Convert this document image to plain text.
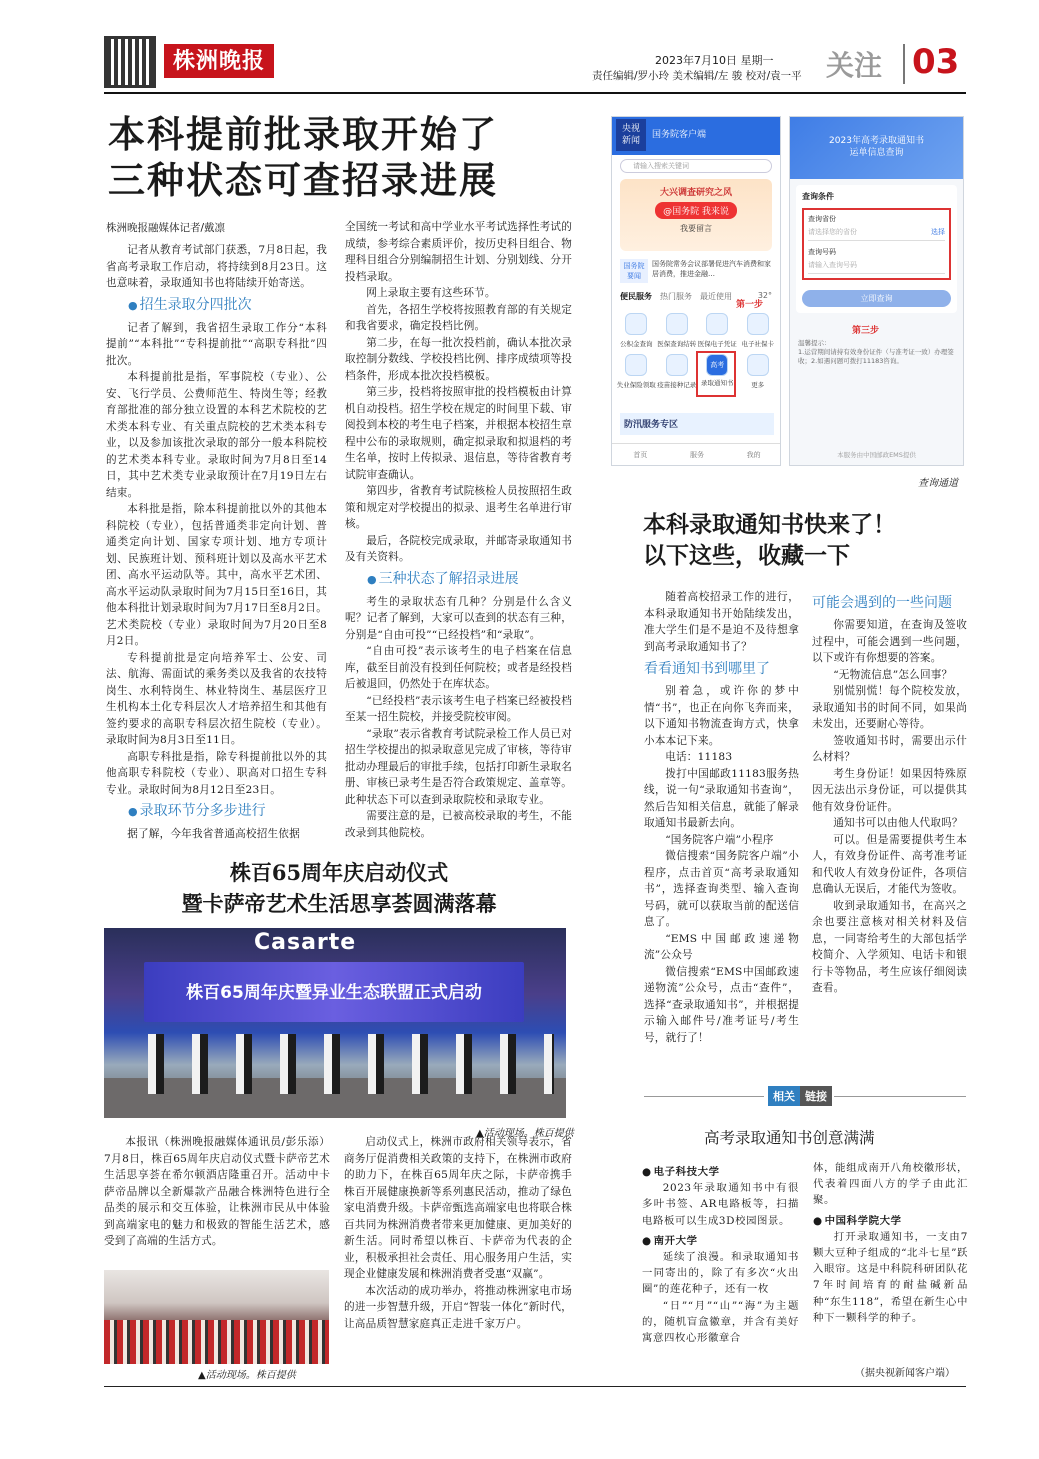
株洲晚报	2023年7月10日 星期一
责任编辑/罗小玲 美术编辑/左 骏 校对/袁一平 关注 03
本科提前批录取开始了
三种状态可查招录进展
株洲晚报融媒体记者/戴凛

记者从教育考试部门获悉，7月8日起，我省高考录取工作启动，将持续到8月23日。这也意味着，录取通知书也将陆续开始寄送。

● 招生录取分四批次

记者了解到，我省招生录取工作分“本科提前”“本科批”“专科提前批”“高职专科批”四批次。

本科提前批是指，军事院校（专业）、公安、飞行学员、公费师范生、特岗生等；经教育部批准的部分独立设置的本科艺术院校的艺术类本科专业、有关重点院校的艺术类本科专业，以及参加该批次录取的部分一般本科院校的艺术类本科专业。录取时间为7月8日至14日，其中艺术类专业录取预计在7月19日左右结束。

本科批是指，除本科提前批以外的其他本科院校（专业），包括普通类非定向计划、普通类定向计划、国家专项计划、地方专项计划、民族班计划、预科班计划以及高水平艺术团、高水平运动队等。其中，高水平艺术团、高水平运动队录取时间为7月15日至16日，其他本科批计划录取时间为7月17日至8月2日。艺术类院校（专业）录取时间为7月20日至8月2日。

专科提前批是定向培养军士、公安、司法、航海、需面试的乘务类以及我省的农技特岗生、水利特岗生、林业特岗生、基层医疗卫生机构本土化专科层次人才培养招生和其他有签约要求的高职专科层次招生院校（专业）。录取时间为8月3日至11日。

高职专科批是指，除专科提前批以外的其他高职专科院校（专业）、职高对口招生专科专业。录取时间为8月12日至23日。

● 录取环节分多步进行

据了解，今年我省普通高校招生依据

全国统一考试和高中学业水平考试选择性考试的成绩，参考综合素质评价，按历史科目组合、物理科目组合分别编制招生计划、分别划线、分开投档录取。

网上录取主要有这些环节。

首先，各招生学校将按照教育部的有关规定和我省要求，确定投档比例。

第二步，在每一批次投档前，确认本批次录取控制分数线、学校投档比例、排序成绩项等投档条件，形成本批次投档模板。

第三步，投档将按照审批的投档模板由计算机自动投档。招生学校在规定的时间里下载、审阅投到本校的考生电子档案，并根据本校招生章程中公布的录取规则，确定拟录取和拟退档的考生名单，按时上传拟录、退信息，等待省教育考试院审查确认。

第四步，省教育考试院核检人员按照招生政策和规定对学校提出的拟录、退考生名单进行审核。

最后，各院校完成录取，并邮寄录取通知书及有关资料。

● 三种状态了解招录进展

考生的录取状态有几种？分别是什么含义呢？记者了解到，大家可以查到的状态有三种，分别是“自由可投”“已经投档”和“录取”。

“自由可投”表示该考生的电子档案在信息库，截至目前没有投到任何院校；或者是经投档后被退回，仍然处于在库状态。

“已经投档”表示该考生电子档案已经被投档至某一招生院校，并接受院校审阅。

“录取”表示省教育考试院录检工作人员已对招生学校提出的拟录取意见完成了审核，等待审批动办理最后的审批手续，包括打印新生录取名册、审核已录考生是否符合政策规定、盖章等。此种状态下可以查到录取院校和录取专业。

需要注意的是，已被高校录取的考生，不能改录到其他院校。

央视
新闻
国务院客户端
请输入搜索关键词
大兴调查研究之风
@国务院 我来说
我要留言
国务院要闻
国务院常务会议部署促进汽车消费和家居消费，推进金融…
便民服务 热门服务 最近使用	32°
第一步
公积金查询 医保查询结转 医保电子凭证 电子社保卡
失业保险领取 疫苗接种记录
高考
录取通知书	更多
防汛服务专区
首页	服务	我的
2023年高考录取通知书
运单信息查询
查询条件
查询省份
请选择您的省份	选择
查询号码
请输入查询号码
立即查询
第三步
温馨提示：
1.运营期间请持有效身份证件（与准考证一致）办理签收；2.如遇问题可拨打11183咨询。
本服务由中国邮政EMS提供
查询通道
本科录取通知书快来了！
以下这些，收藏一下

随着高校招录工作的进行，本科录取通知书开始陆续发出，准大学生们是不是迫不及待想拿到高考录取通知书了？

看看通知书到哪里了

别着急，或许你的梦中情“书”，也正在向你飞奔而来，以下通知书物流查询方式，快拿小本本记下来。

电话：11183

拨打中国邮政11183服务热线，说一句“录取通知书查询”，然后告知相关信息，就能了解录取通知书最新去向。

“国务院客户端”小程序

微信搜索“国务院客户端”小程序，点击首页“高考录取通知书”，选择查询类型、输入查询号码，就可以获取当前的配送信息了。

“EMS中国邮政速递物流”公众号

微信搜索“EMS中国邮政速递物流”公众号，点击“查件”，选择“查录取通知书”，并根据提示输入邮件号/准考证号/考生号，就行了！

可能会遇到的一些问题

你需要知道，在查询及签收过程中，可能会遇到一些问题，以下或许有你想要的答案。

“无物流信息”怎么回事？

别慌别慌！每个院校发放，录取通知书的时间不同，如果尚未发出，还要耐心等待。

签收通知书时，需要出示什么材料？

考生身份证！如果因特殊原因无法出示身份证，可以提供其他有效身份证件。

通知书可以由他人代取吗？

可以。但是需要提供考生本人，有效身份证件、高考准考证和代收人有效身份证件，各项信息确认无误后，才能代为签收。

收到录取通知书，在高兴之余也要注意核对相关材料及信息，一同寄给考生的大部包括学校简介、入学须知、电话卡和银行卡等物品，考生应该仔细阅读查看。

相关 链接
高考录取通知书创意满满

● 电子科技大学

2023年录取通知书中有很多叶书签、AR电路板等，扫描电路板可以生成3D校园图景。

● 南开大学

延续了浪漫。和录取通知书一同寄出的，除了有多次“火出圈”的莲花种子，还有一枚

“日”“月”“山”“海”为主题的，随机盲盒徽章，并含有美好寓意四枚心形徽章合

体，能组成南开八角校徽形状，代表着四面八方的学子由此汇聚。

● 中国科学院大学

打开录取通知书，一支由7颗大豆种子组成的“北斗七星”跃入眼帘。这是中科院科研团队花7年时间培育的耐盐碱新品种“东生118”，希望在新生心中种下一颗科学的种子。

（据央视新闻客户端）
株百65周年庆启动仪式
暨卡萨帝艺术生活思享荟圆满落幕
Casarte
株百65周年庆暨异业生态联盟正式启动
▲活动现场。株百提供

本报讯（株洲晚报融媒体通讯员/彭乐添）7月8日，株百65周年庆启动仪式暨卡萨帝艺术生活思享荟在希尔顿酒店隆重召开。活动中卡萨帝品牌以全新爆款产品融合株洲特色进行全品类的展示和交互体验，让株洲市民从中体验到高端家电的魅力和极致的智能生活艺术，感受到了高端的生活方式。

▲活动现场。株百提供

启动仪式上，株洲市政府相关领导表示，省商务厅促消费相关政策的支持下，在株洲市政府的助力下，在株百65周年庆之际，卡萨帝携手株百开展健康换新等系列惠民活动，推动了绿色家电消费升级。卡萨帝甄选高端家电也将联合株百共同为株洲消费者带来更加健康、更加美好的新生活。同时希望以株百、卡萨帝为代表的企业，积极承担社会责任、用心服务用户生活，实现企业健康发展和株洲消费者受惠“双赢”。

本次活动的成功举办，将推动株洲家电市场的进一步智慧升级，开启“智装一体化”新时代，让高品质智慧家庭真正走进千家万户。
